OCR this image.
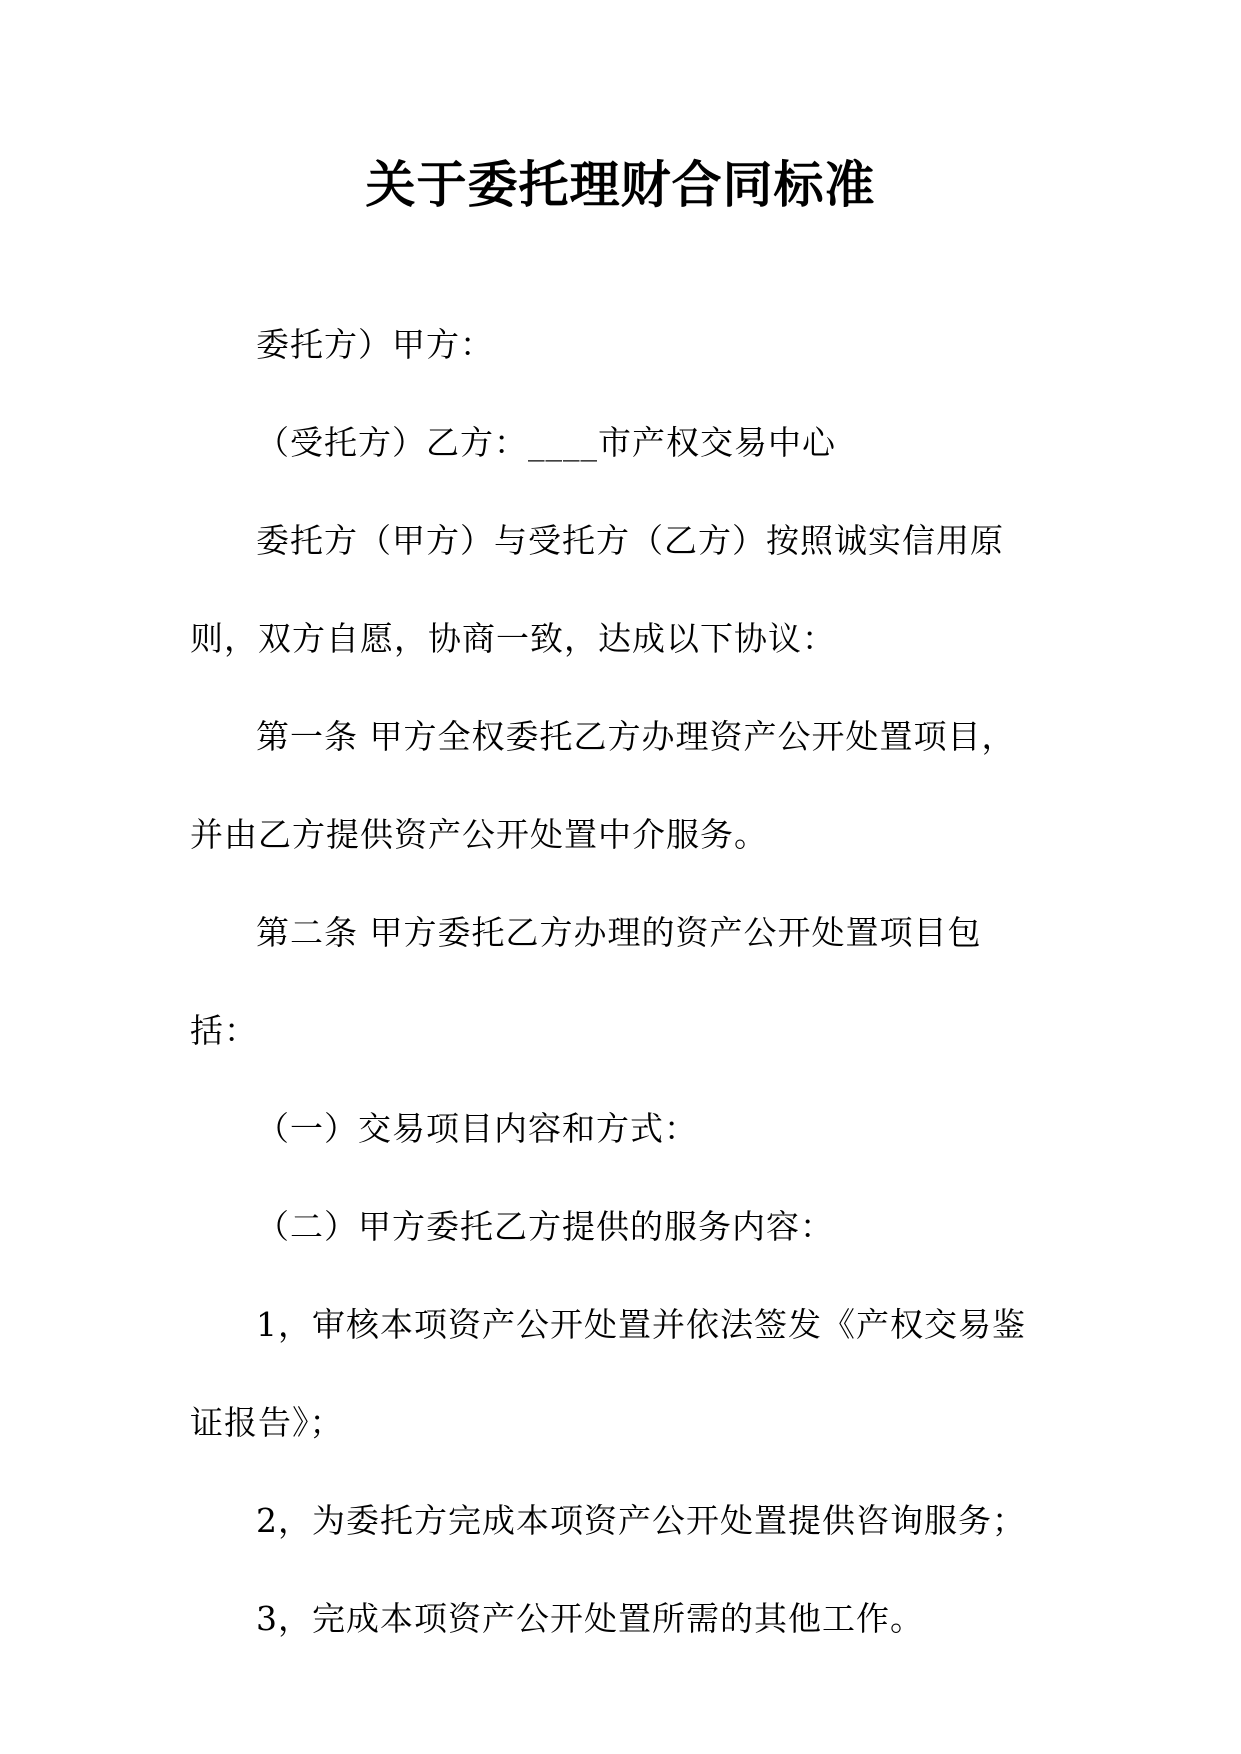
关于委托理财合同标准

委托方）甲方：

（受托方）乙方：____市产权交易中心

委托方（甲方）与受托方（乙方）按照诚实信用原则，双方自愿，协商一致，达成以下协议：

第一条 甲方全权委托乙方办理资产公开处置项目，并由乙方提供资产公开处置中介服务。

第二条 甲方委托乙方办理的资产公开处置项目包括：

（一）交易项目内容和方式：

（二）甲方委托乙方提供的服务内容：

1，审核本项资产公开处置并依法签发《产权交易鉴证报告》；

2，为委托方完成本项资产公开处置提供咨询服务；

3，完成本项资产公开处置所需的其他工作。
